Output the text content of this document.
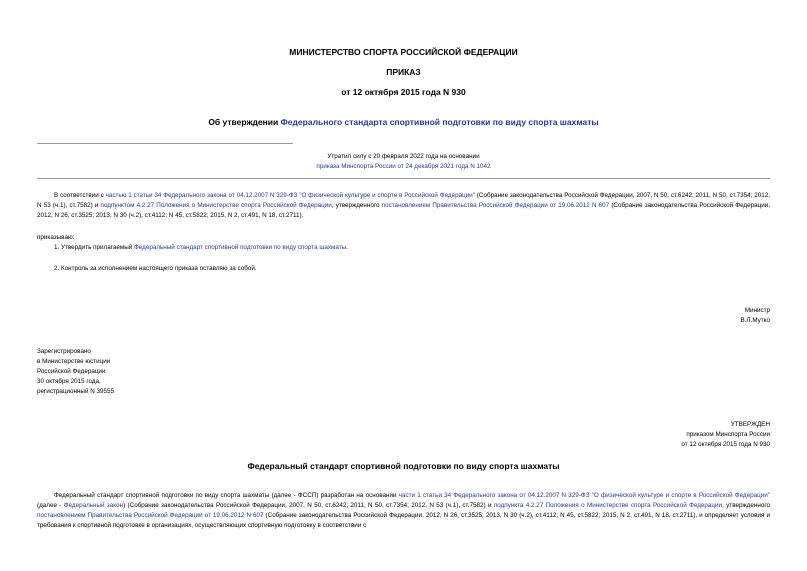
МИНИСТЕРСТВО СПОРТА РОССИЙСКОЙ ФЕДЕРАЦИИ
ПРИКАЗ
от 12 октября 2015 года N 930
Об утверждении Федерального стандарта спортивной подготовки по виду спорта шахматы
Утратил силу с 20 февраля 2022 года на основании
приказа Минспорта России от 24 декабря 2021 года N 1042
В соответствии с частью 1 статьи 34 Федерального закона от 04.12.2007 N 329-ФЗ "О физической культуре и спорте в Российской Федерации" (Собрание законодательства Российской Федерации, 2007, N 50, ст.6242; 2011, N 50, ст.7354; 2012, N 53 (ч.1), ст.7582) и подпунктом 4.2.27 Положения о Министерстве спорта Российской Федерации, утвержденного постановлением Правительства Российской Федерации от 19.06.2012 N 607 (Собрание законодательства Российской Федерации, 2012, N 26, ст.3525; 2013, N 30 (ч.2), ст.4112; N 45, ст.5822; 2015, N 2, ст.491, N 18, ст.2711),
приказываю:
1. Утвердить прилагаемый Федеральный стандарт спортивной подготовки по виду спорта шахматы.
2. Контроль за исполнением настоящего приказа оставляю за собой.
Министр
В.Л.Мутко
Зарегистрировано
в Министерстве юстиции
Российской Федерации
30 октября 2015 года,
регистрационный N 39555
УТВЕРЖДЕН
приказом Минспорта России
от 12 октября 2015 года N 930
Федеральный стандарт спортивной подготовки по виду спорта шахматы
Федеральный стандарт спортивной подготовки по виду спорта шахматы (далее - ФССП) разработан на основании части 1 статьи 34 Федерального закона от 04.12.2007 N 329-ФЗ "О физической культуре и спорте в Российской Федерации" (далее - Федеральный закон) (Собрание законодательства Российской Федерации, 2007, N 50, ст.6242; 2011, N 50, ст.7354; 2012, N 53 (ч.1), ст.7582) и подпункта 4.2.27 Положения о Министерстве спорта Российской Федерации, утвержденного постановлением Правительства Российской Федерации от 19.06.2012 N 607 (Собрание законодательства Российской Федерации, 2012, N 26, ст.3525; 2013, N 30 (ч.2), ст.4112; N 45, ст.5822; 2015, N 2, ст.491, N 18, ст.2711), и определяет условия и требования к спортивной подготовке в организациях, осуществляющих спортивную подготовку в соответствии с
